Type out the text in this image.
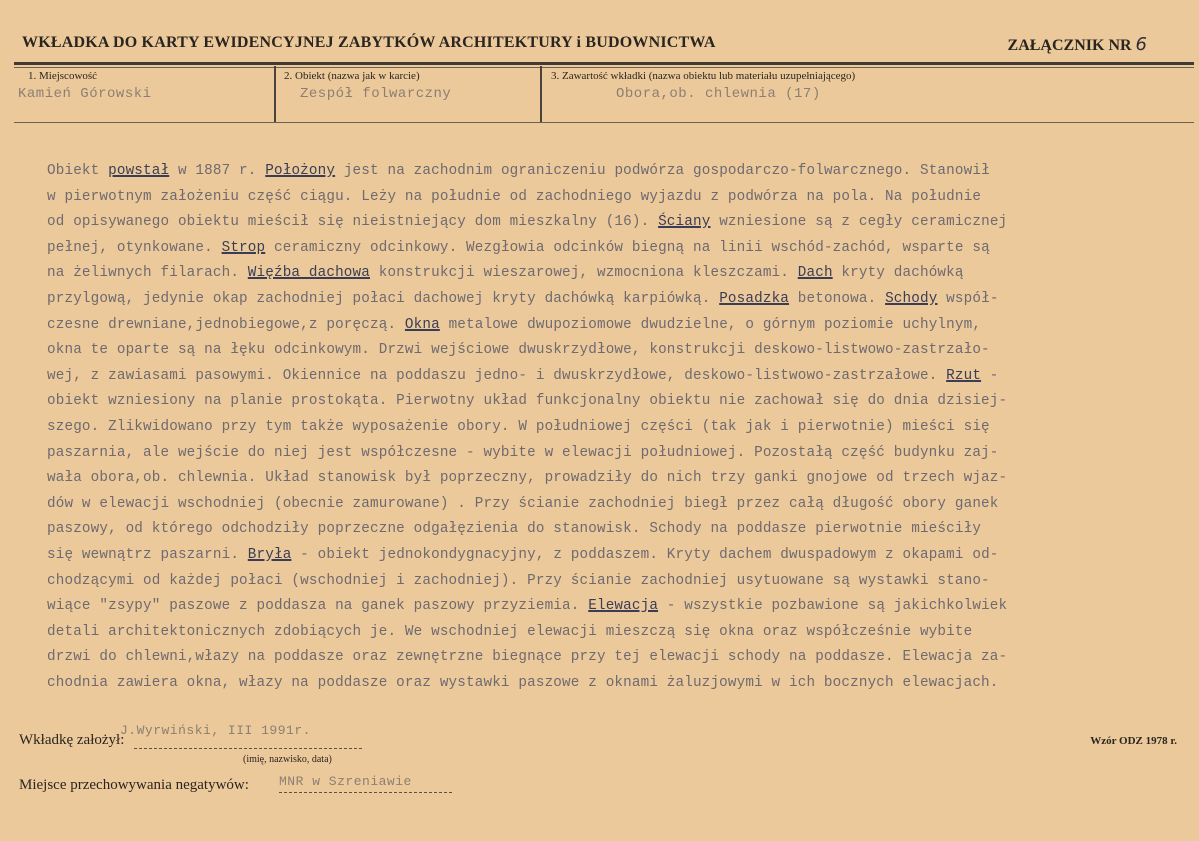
WKŁADKA DO KARTY EWIDENCYJNEJ ZABYTKÓW ARCHITEKTURY i BUDOWNICTWA	ZAŁĄCZNIK NR 6
1. Miejscowość
Kamień Górowski
2. Obiekt (nazwa jak w karcie)
Zespół folwarczny
3. Zawartość wkładki (nazwa obiektu lub materiału uzupełniającego)
Obora,ob. chlewnia (17)
Obiekt powstał w 1887 r. Położony jest na zachodnim ograniczeniu podwórza gospodarczo-folwarcznego. Stanowił
w pierwotnym założeniu część ciągu. Leży na południe od zachodniego wyjazdu z podwórza na pola. Na południe
od opisywanego obiektu mieścił się nieistniejący dom mieszkalny (16). Ściany wzniesione są z cegły ceramicznej
pełnej, otynkowane. Strop ceramiczny odcinkowy. Wezgłowia odcinków biegną na linii wschód-zachód, wsparte są
na żeliwnych filarach. Więźba dachowa konstrukcji wieszarowej, wzmocniona kleszczami. Dach kryty dachówką
przylgową, jedynie okap zachodniej połaci dachowej kryty dachówką karpiówką. Posadzka betonowa. Schody współ-
czesne drewniane,jednobiegowe,z poręczą. Okna metalowe dwupoziomowe dwudzielne, o górnym poziomie uchylnym,
okna te oparte są na łęku odcinkowym. Drzwi wejściowe dwuskrzydłowe, konstrukcji deskowo-listwowo-zastrzało-
wej, z zawiasami pasowymi. Okiennice na poddaszu jedno- i dwuskrzydłowe, deskowo-listwowo-zastrzałowe. Rzut -
obiekt wzniesiony na planie prostokąta. Pierwotny układ funkcjonalny obiektu nie zachował się do dnia dzisiej-
szego. Zlikwidowano przy tym także wyposażenie obory. W południowej części (tak jak i pierwotnie) mieści się
paszarnia, ale wejście do niej jest współczesne - wybite w elewacji południowej. Pozostałą część budynku zaj-
wała obora,ob. chlewnia. Układ stanowisk był poprzeczny, prowadziły do nich trzy ganki gnojowe od trzech wjaz-
dów w elewacji wschodniej (obecnie zamurowane) . Przy ścianie zachodniej biegł przez całą długość obory ganek
paszowy, od którego odchodziły poprzeczne odgałęzienia do stanowisk. Schody na poddasze pierwotnie mieściły
się wewnątrz paszarni. Bryła - obiekt jednokondygnacyjny, z poddaszem. Kryty dachem dwuspadowym z okapami od-
chodzącymi od każdej połaci (wschodniej i zachodniej). Przy ścianie zachodniej usytuowane są wystawki stano-
wiące "zsypy" paszowe z poddasza na ganek paszowy przyziemia. Elewacja - wszystkie pozbawione są jakichkolwiek
detali architektonicznych zdobiących je. We wschodniej elewacji mieszczą się okna oraz współcześnie wybite
drzwi do chlewni,włazy na poddasze oraz zewnętrzne biegnące przy tej elewacji schody na poddasze. Elewacja za-
chodnia zawiera okna, włazy na poddasze oraz wystawki paszowe z oknami żaluzjowymi w ich bocznych elewacjach.
Wkładkę założył:
J.Wyrwiński, III 1991r.
(imię, nazwisko, data)
Miejsce przechowywania negatywów: MNR w Szreniawie
Wzór ODZ 1978 r.
